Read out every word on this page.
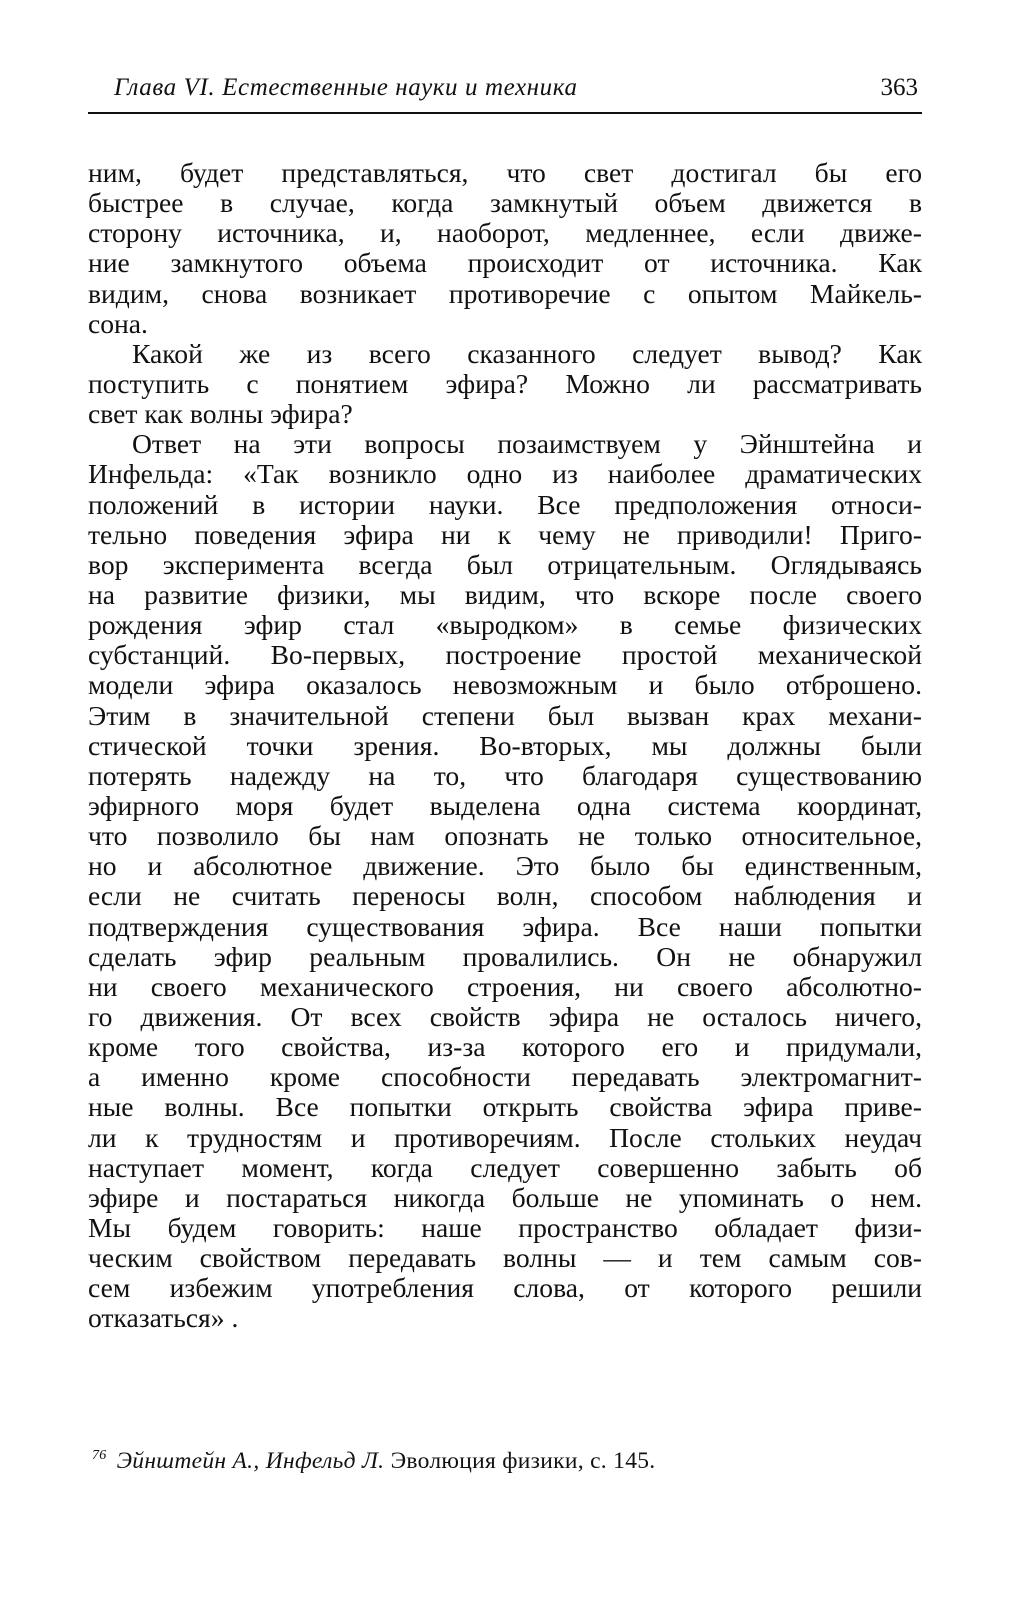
Глава VI. Естественные науки и техника	363
ним, будет представляться, что свет достигал бы его
быстрее в случае, когда замкнутый объем движется в
сторону источника, и, наоборот, медленнее, если движе-
ние замкнутого объема происходит от источника. Как
видим, снова возникает противоречие с опытом Майкель-
сона.
Какой же из всего сказанного следует вывод? Как
поступить с понятием эфира? Можно ли рассматривать
свет как волны эфира?
Ответ на эти вопросы позаимствуем у Эйнштейна и
Инфельда: «Так возникло одно из наиболее драматических
положений в истории науки. Все предположения относи-
тельно поведения эфира ни к чему не приводили! Приго-
вор эксперимента всегда был отрицательным. Оглядываясь
на развитие физики, мы видим, что вскоре после своего
рождения эфир стал «выродком» в семье физических
субстанций. Во-первых, построение простой механической
модели эфира оказалось невозможным и было отброшено.
Этим в значительной степени был вызван крах механи-
стической точки зрения. Во-вторых, мы должны были
потерять надежду на то, что благодаря существованию
эфирного моря будет выделена одна система координат,
что позволило бы нам опознать не только относительное,
но и абсолютное движение. Это было бы единственным,
если не считать переносы волн, способом наблюдения и
подтверждения существования эфира. Все наши попытки
сделать эфир реальным провалились. Он не обнаружил
ни своего механического строения, ни своего абсолютно-
го движения. От всех свойств эфира не осталось ничего,
кроме того свойства, из-за которого его и придумали,
а именно кроме способности передавать электромагнит-
ные волны. Все попытки открыть свойства эфира приве-
ли к трудностям и противоречиям. После стольких неудач
наступает момент, когда следует совершенно забыть об
эфире и постараться никогда больше не упоминать о нем.
Мы будем говорить: наше пространство обладает физи-
ческим свойством передавать волны — и тем самым сов-
сем избежим употребления слова, от которого решили
отказаться» .
$^{76}$ Эйнштейн А., Инфельд Л. Эволюция физики, с. 145.
